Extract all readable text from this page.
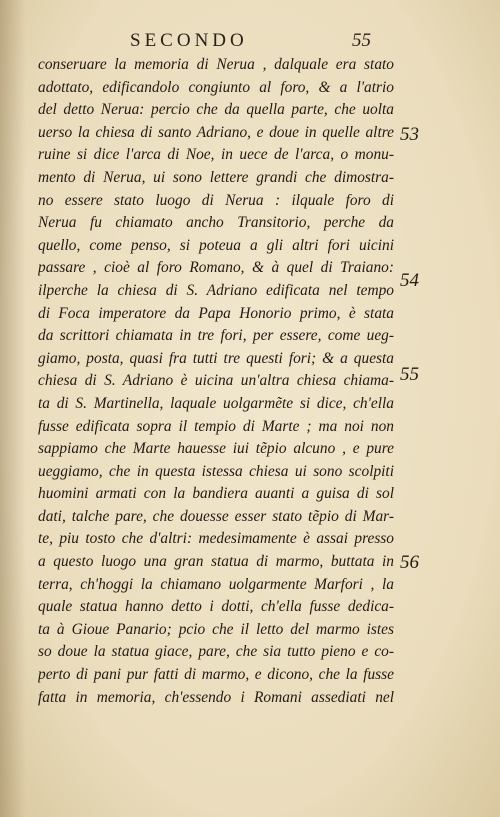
SECONDO	55
conseruare la memoria di Nerua , dalquale era stato
adottato, edificandolo congiunto al foro, & a l'atrio
del detto Nerua: percio che da quella parte, che uolta
uerso la chiesa di santo Adriano, e doue in quelle altre
ruine si dice l'arca di Noe, in uece de l'arca, o monu-
mento di Nerua, ui sono lettere grandi che dimostra-
no essere stato luogo di Nerua : ilquale foro di
Nerua fu chiamato ancho Transitorio, perche da
quello, come penso, si poteua a gli altri fori uicini
passare , cioè al foro Romano, & à quel di Traiano:
ilperche la chiesa di S. Adriano edificata nel tempo
di Foca imperatore da Papa Honorio primo, è stata
da scrittori chiamata in tre fori, per essere, come ueg-
giamo, posta, quasi fra tutti tre questi fori; & a questa
chiesa di S. Adriano è uicina un'altra chiesa chiama-
ta di S. Martinella, laquale uolgarmẽte si dice, ch'ella
fusse edificata sopra il tempio di Marte ; ma noi non
sappiamo che Marte hauesse iui tẽpio alcuno , e pure
ueggiamo, che in questa istessa chiesa ui sono scolpiti
huomini armati con la bandiera auanti a guisa di sol
dati, talche pare, che douesse esser stato tẽpio di Mar-
te, piu tosto che d'altri: medesimamente è assai presso
a questo luogo una gran statua di marmo, buttata in
terra, ch'hoggi la chiamano uolgarmente Marfori , la
quale statua hanno detto i dotti, ch'ella fusse dedica-
ta à Gioue Panario; pcio che il letto del marmo istes
so doue la statua giace, pare, che sia tutto pieno e co-
perto di pani pur fatti di marmo, e dicono, che la fusse
fatta in memoria, ch'essendo i Romani assediati nel
53
54
55
56
